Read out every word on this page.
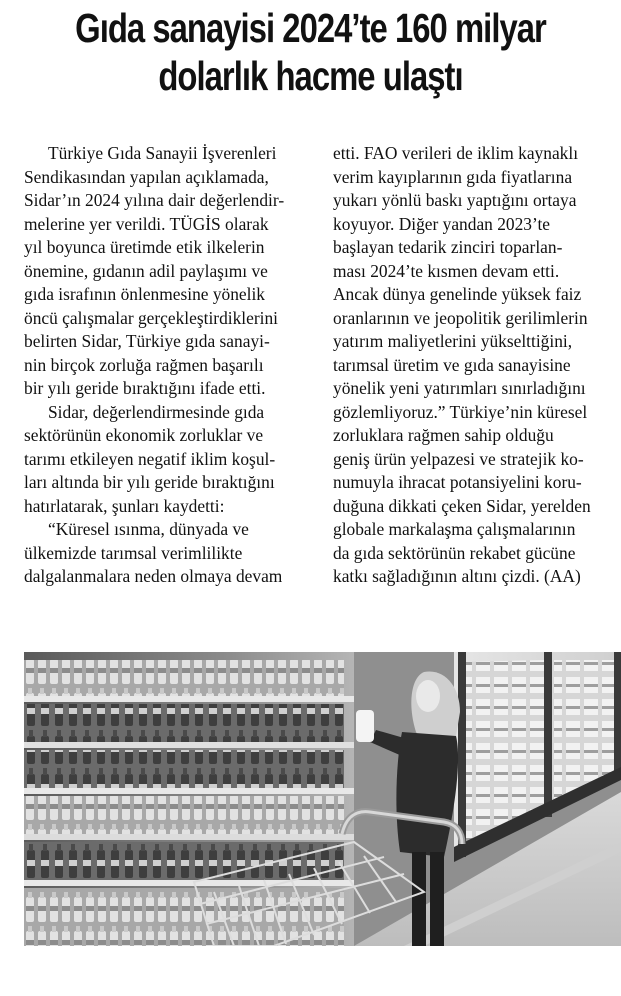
Gıda sanayisi 2024’te 160 milyar
dolarlık hacme ulaştı
Türkiye Gıda Sanayii İşverenleri
Sendikasından yapılan açıklamada,
Sidar’ın 2024 yılına dair değerlendir-
melerine yer verildi. TÜGİS olarak
yıl boyunca üretimde etik ilkelerin
önemine, gıdanın adil paylaşımı ve
gıda israfının önlenmesine yönelik
öncü çalışmalar gerçekleştirdiklerini
belirten Sidar, Türkiye gıda sanayi-
nin birçok zorluğa rağmen başarılı
bir yılı geride bıraktığını ifade etti.
Sidar, değerlendirmesinde gıda
sektörünün ekonomik zorluklar ve
tarımı etkileyen negatif iklim koşul-
ları altında bir yılı geride bıraktığını
hatırlatarak, şunları kaydetti:
“Küresel ısınma, dünyada ve
ülkemizde tarımsal verimlilikte
dalgalanmalara neden olmaya devam
etti. FAO verileri de iklim kaynaklı
verim kayıplarının gıda fiyatlarına
yukarı yönlü baskı yaptığını ortaya
koyuyor. Diğer yandan 2023’te
başlayan tedarik zinciri toparlan-
ması 2024’te kısmen devam etti.
Ancak dünya genelinde yüksek faiz
oranlarının ve jeopolitik gerilimlerin
yatırım maliyetlerini yükselttiğini,
tarımsal üretim ve gıda sanayisine
yönelik yeni yatırımları sınırladığını
gözlemliyoruz.” Türkiye’nin küresel
zorluklara rağmen sahip olduğu
geniş ürün yelpazesi ve stratejik ko-
numuyla ihracat potansiyelini koru-
duğuna dikkati çeken Sidar, yerelden
globale markalaşma çalışmalarının
da gıda sektörünün rekabet gücüne
katkı sağladığının altını çizdi. (AA)
